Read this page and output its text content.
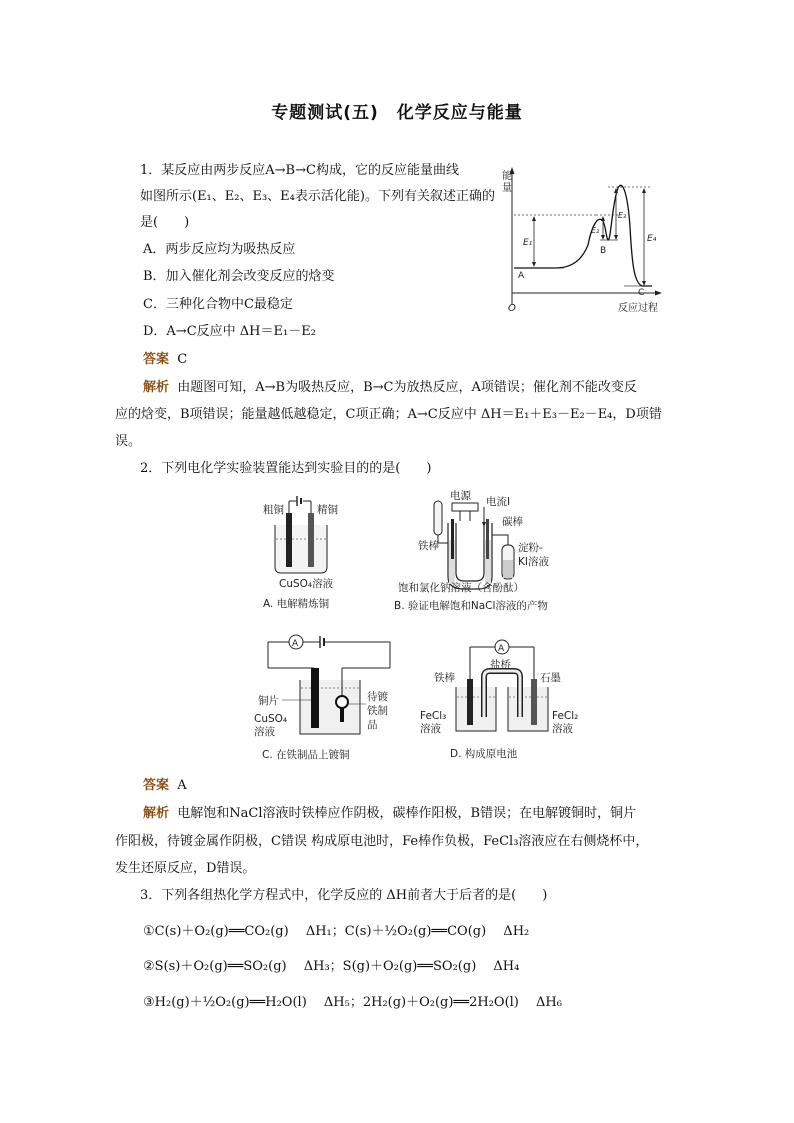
专题测试(五)　化学反应与能量
1．某反应由两步反应A→B→C构成，它的反应能量曲线
如图所示(E₁、E₂、E₃、E₄表示活化能)。下列有关叙述正确的
是(　　)
A．两步反应均为吸热反应
B．加入催化剂会改变反应的焓变
C．三种化合物中C最稳定
D．A→C反应中 ΔH＝E₁－E₂
答案 C
解析 由题图可知，A→B为吸热反应，B→C为放热反应，A项错误；催化剂不能改变反
应的焓变，B项错误；能量越低越稳定，C项正确；A→C反应中 ΔH＝E₁＋E₃－E₂－E₄，D项错
误。
能
量
O	反应过程
E₁
E₂
E₃
E₄
A
B
C
2．下列电化学实验装置能达到实验目的的是(　　)
粗铜	精铜
CuSO₄溶液
A. 电解精炼铜
电源 电流I
碳棒
铁棒	淀粉-
KI溶液
饱和氯化钠溶液（含酚酞）
B. 验证电解饱和NaCl溶液的产物
A
铜片
CuSO₄
溶液
待镀
铁制
品
C. 在铁制品上镀铜
A
盐桥
铁棒	石墨
FeCl₃
溶液
FeCl₂
溶液
D. 构成原电池
答案 A
解析 电解饱和NaCl溶液时铁棒应作阴极，碳棒作阳极，B错误；在电解镀铜时，铜片
作阳极，待镀金属作阴极，C错误 构成原电池时，Fe棒作负极，FeCl₃溶液应在右侧烧杯中，
发生还原反应，D错误。
3．下列各组热化学方程式中，化学反应的 ΔH前者大于后者的是(　　)
①C(s)＋O₂(g)══CO₂(g)　 ΔH₁；C(s)＋½O₂(g)══CO(g)　 ΔH₂
②S(s)＋O₂(g)══SO₂(g)　 ΔH₃；S(g)＋O₂(g)══SO₂(g)　 ΔH₄
③H₂(g)＋½O₂(g)══H₂O(l)　 ΔH₅；2H₂(g)＋O₂(g)══2H₂O(l)　 ΔH₆
